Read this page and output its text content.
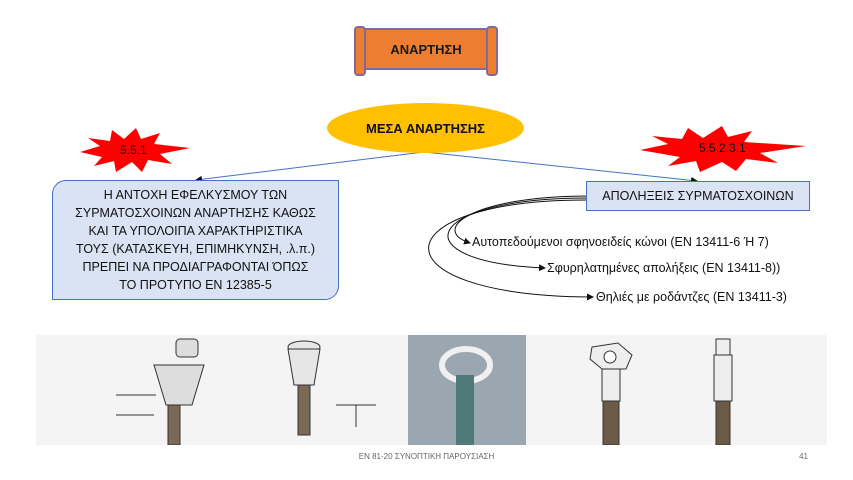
ΑΝΑΡΤΗΣΗ
ΜΕΣΑ ΑΝΑΡΤΗΣΗΣ
5.5.1	5.5.2.3.1
Η ΑΝΤΟΧΗ ΕΦΕΛΚΥΣΜΟΥ ΤΩΝ
ΣΥΡΜΑΤΟΣΧΟΙΝΩΝ ΑΝΑΡΤΗΣΗΣ ΚΑΘΩΣ
ΚΑΙ ΤΑ ΥΠΟΛΟΙΠΑ ΧΑΡΑΚΤΗΡΙΣΤΙΚΑ
ΤΟΥΣ (ΚΑΤΑΣΚΕΥΗ, ΕΠΙΜΗΚΥΝΣΗ, .λ.π.)
ΠΡΕΠΕΙ ΝΑ ΠΡΟΔΙΑΓΡΑΦΟΝΤΑΙ ΌΠΩΣ
ΤΟ ΠΡΟΤΥΠΟ ΕΝ 12385-5
ΑΠΟΛΗΞΕΙΣ ΣΥΡΜΑΤΟΣΧΟΙΝΩΝ
Αυτοπεδούμενοι σφηνοειδείς κώνοι (ΕΝ 13411-6 Ή 7)
Σφυρηλατημένες απολήξεις (ΕΝ 13411-8))
Θηλιές με ροδάντζες (ΕΝ 13411-3)
ΕΝ 81-20 ΣΥΝΟΠΤΙΚΗ ΠΑΡΟΥΣΙΑΣΗ	41
